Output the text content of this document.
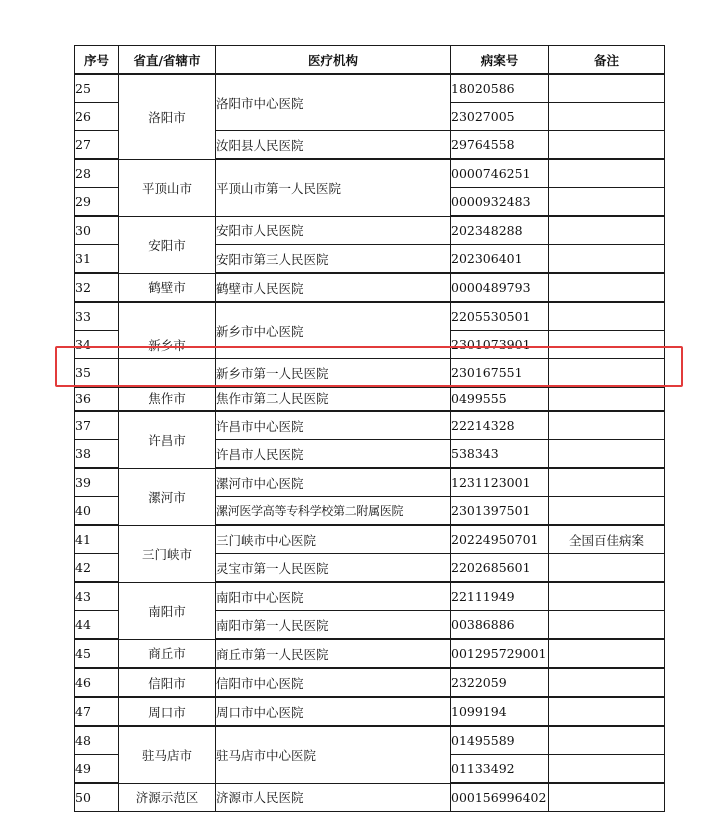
序号	省直/省辖市	医疗机构	病案号	备注
25	洛阳市	洛阳市中心医院	18020586	
26			23027005	
27		汝阳县人民医院	29764558	
28	平顶山市	平顶山市第一人民医院	0000746251	
29			0000932483	
30	安阳市	安阳市人民医院	202348288	
31		安阳市第三人民医院	202306401	
32	鹤壁市	鹤壁市人民医院	0000489793	
33	新乡市	新乡市中心医院	2205530501	
34			2301073901	
35		新乡市第一人民医院	230167551	
36	焦作市	焦作市第二人民医院	0499555	
37	许昌市	许昌市中心医院	22214328	
38		许昌市人民医院	538343	
39	漯河市	漯河市中心医院	1231123001	
40		漯河医学高等专科学校第二附属医院	2301397501	
41	三门峡市	三门峡市中心医院	20224950701	全国百佳病案
42		灵宝市第一人民医院	2202685601	
43	南阳市	南阳市中心医院	22111949	
44		南阳市第一人民医院	00386886	
45	商丘市	商丘市第一人民医院	001295729001	
46	信阳市	信阳市中心医院	2322059	
47	周口市	周口市中心医院	1099194	
48	驻马店市	驻马店市中心医院	01495589	
49			01133492	
50	济源示范区	济源市人民医院	000156996402	
